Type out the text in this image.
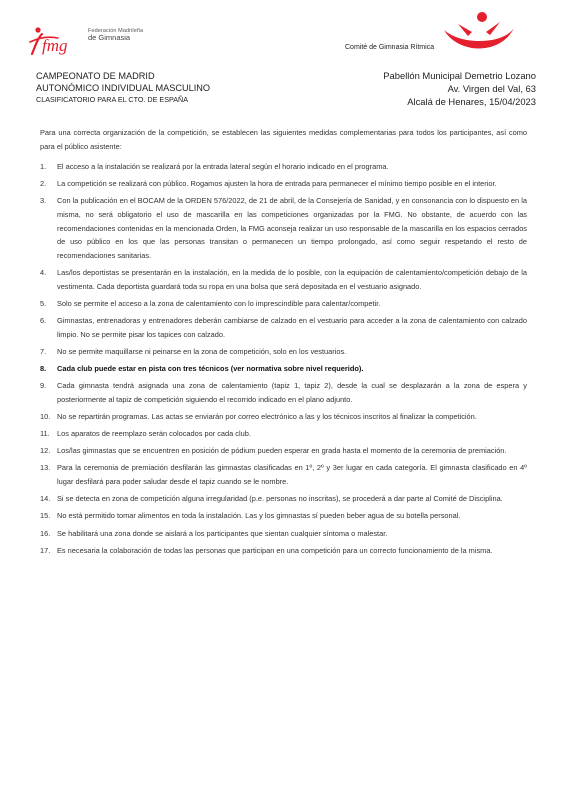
fmg
Federación Madrileña
de Gimnasia
Comité de Gimnasia Rítmica
CAMPEONATO DE MADRID
AUTONÓMICO INDIVIDUAL MASCULINO
CLASIFICATORIO PARA EL CTO. DE ESPAÑA
Pabellón Municipal Demetrio Lozano
Av. Virgen del Val, 63
Alcalá de Henares, 15/04/2023

Para una correcta organización de la competición, se establecen las siguientes medidas complementarias para todos los participantes, así como para el público asistente:

1. El acceso a la instalación se realizará por la entrada lateral según el horario indicado en el programa.
2. La competición se realizará con público. Rogamos ajusten la hora de entrada para permanecer el mínimo tiempo posible en el interior.
3. Con la publicación en el BOCAM de la ORDEN 576/2022, de 21 de abril, de la Consejería de Sanidad, y en consonancia con lo dispuesto en la misma, no será obligatorio el uso de mascarilla en las competiciones organizadas por la FMG. No obstante, de acuerdo con las recomendaciones contenidas en la mencionada Orden, la FMG aconseja realizar un uso responsable de la mascarilla en los espacios cerrados de uso público en los que las personas transitan o permanecen un tiempo prolongado, así como seguir respetando el resto de recomendaciones sanitarias.
4. Las/los deportistas se presentarán en la instalación, en la medida de lo posible, con la equipación de calentamiento/competición debajo de la vestimenta. Cada deportista guardará toda su ropa en una bolsa que será depositada en el vestuario asignado.
5. Solo se permite el acceso a la zona de calentamiento con lo imprescindible para calentar/competir.
6. Gimnastas, entrenadoras y entrenadores deberán cambiarse de calzado en el vestuario para acceder a la zona de calentamiento con calzado limpio. No se permite pisar los tapices con calzado.
7. No se permite maquillarse ni peinarse en la zona de competición, solo en los vestuarios.
8. Cada club puede estar en pista con tres técnicos (ver normativa sobre nivel requerido).
9. Cada gimnasta tendrá asignada una zona de calentamiento (tapiz 1, tapiz 2), desde la cual se desplazarán a la zona de espera y posteriormente al tapiz de competición siguiendo el recorrido indicado en el plano adjunto.
10. No se repartirán programas. Las actas se enviarán por correo electrónico a las y los técnicos inscritos al finalizar la competición.
11. Los aparatos de reemplazo serán colocados por cada club.
12. Los/las gimnastas que se encuentren en posición de pódium pueden esperar en grada hasta el momento de la ceremonia de premiación.
13. Para la ceremonia de premiación desfilarán las gimnastas clasificadas en 1º, 2º y 3er lugar en cada categoría. El gimnasta clasificado en 4º lugar desfilará para poder saludar desde el tapiz cuando se le nombre.
14. Si se detecta en zona de competición alguna irregularidad (p.e. personas no inscritas), se procederá a dar parte al Comité de Disciplina.
15. No está permitido tomar alimentos en toda la instalación. Las y los gimnastas sí pueden beber agua de su botella personal.
16. Se habilitará una zona donde se aislará a los participantes que sientan cualquier síntoma o malestar.
17. Es necesaria la colaboración de todas las personas que participan en una competición para un correcto funcionamiento de la misma.
